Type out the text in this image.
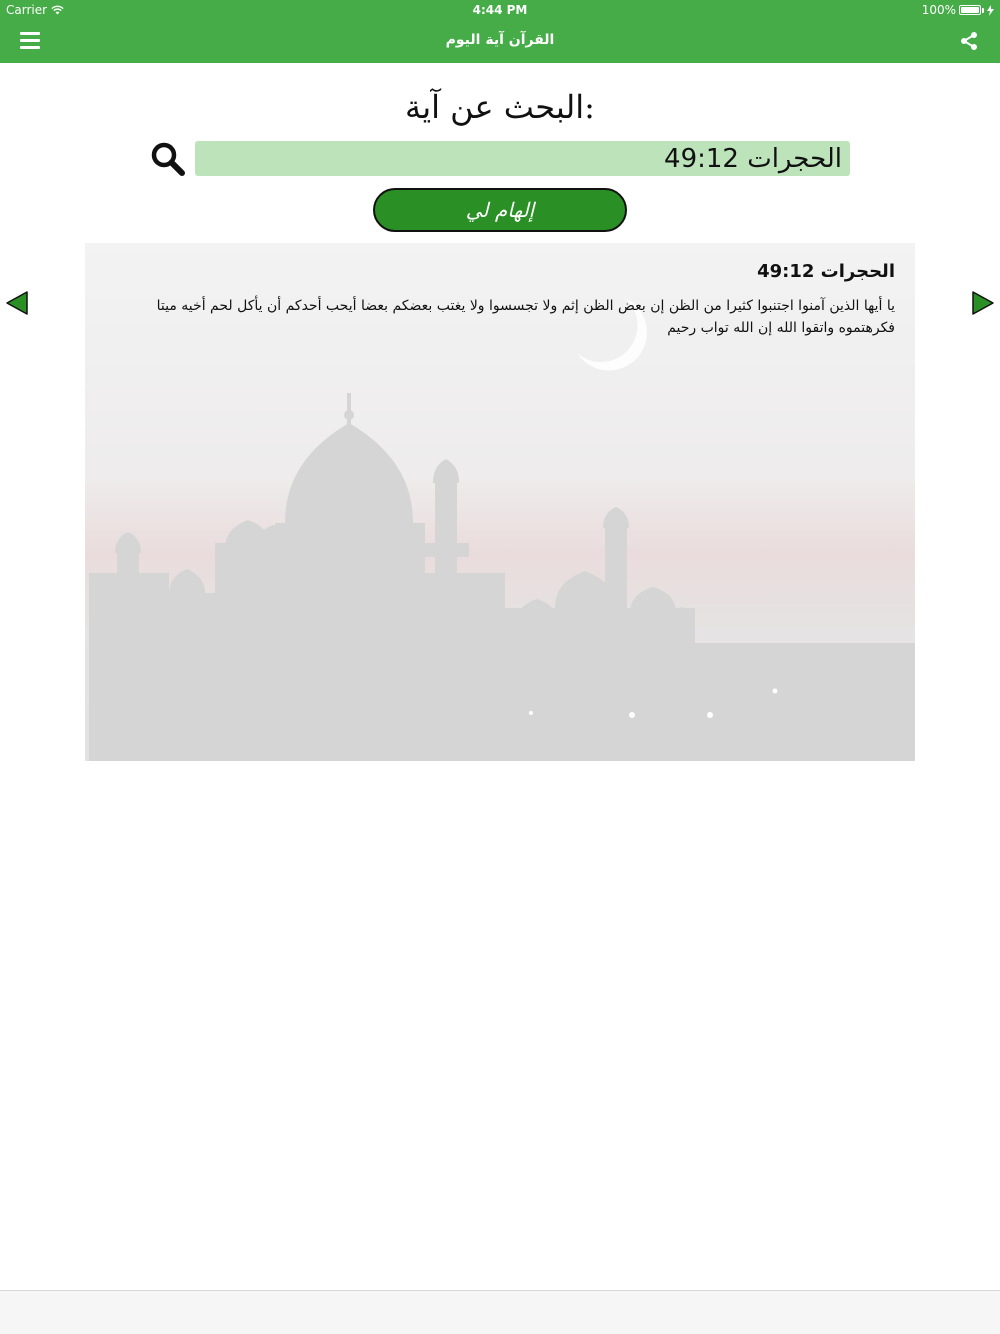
Carrier	4:44 PM	100%
القرآن آية اليوم
البحث عن آية:
الحجرات 49:12
إلهام لي
الحجرات 49:12
يا أيها الذين آمنوا اجتنبوا كثيرا من الظن إن بعض الظن إثم ولا تجسسوا ولا يغتب بعضكم بعضا أيحب أحدكم أن يأكل لحم أخيه ميتا فكرهتموه واتقوا الله إن الله تواب رحيم
